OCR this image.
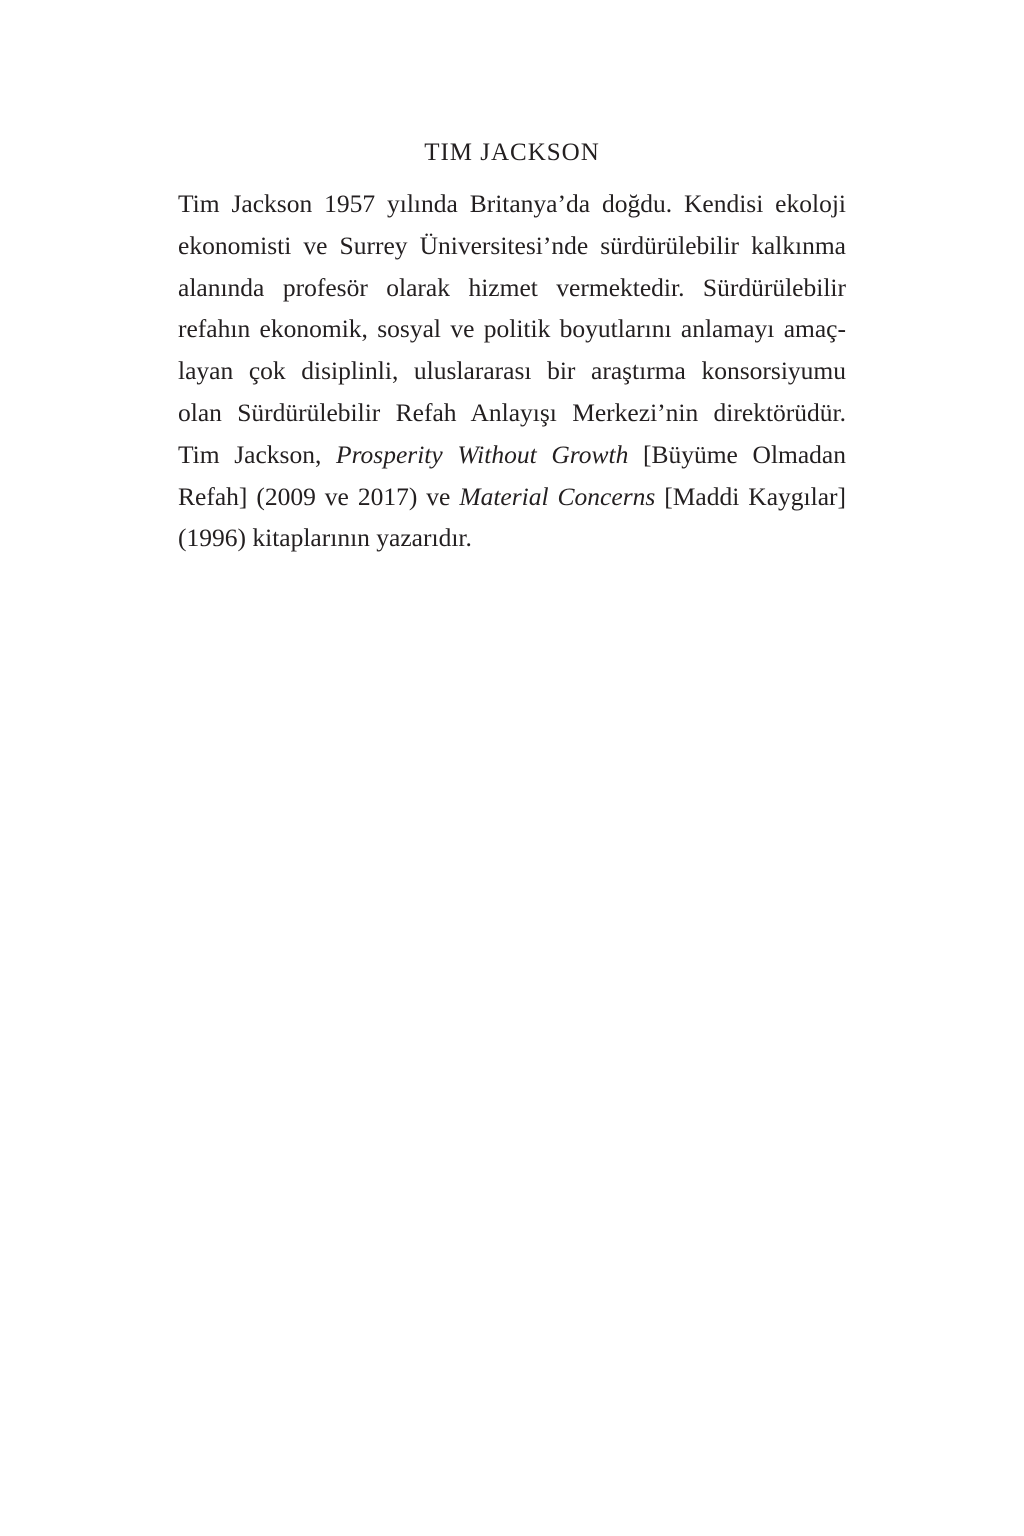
TIM JACKSON

Tim Jackson 1957 yılında Britanya’da doğdu. Kendisi ekoloji
ekonomisti ve Surrey Üniversitesi’nde sürdürülebilir kalkınma
alanında profesör olarak hizmet vermektedir. Sürdürülebilir
refahın ekonomik, sosyal ve politik boyutlarını anlamayı amaç-
layan çok disiplinli, uluslararası bir araştırma konsorsiyumu
olan Sürdürülebilir Refah Anlayışı Merkezi’nin direktörüdür.
Tim Jackson, Prosperity Without Growth [Büyüme Olmadan
Refah] (2009 ve 2017) ve Material Concerns [Maddi Kaygılar]
(1996) kitaplarının yazarıdır.
